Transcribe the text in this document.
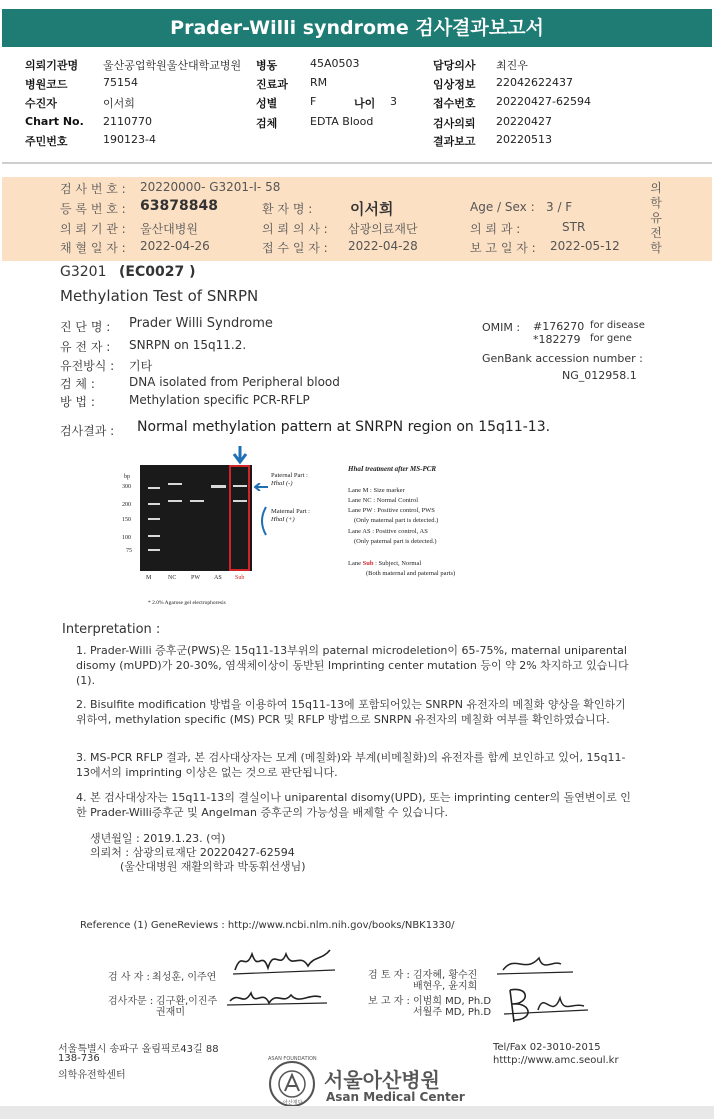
Prader-Willi syndrome 검사결과보고서
의뢰기관명 울산공업학원울산대학교병원
병원코드	75154
수진자	이서희
Chart No. 2110770
주민번호	190123-4
병동	45A0503
진료과 RM
성별	F	나이 3
검체	EDTA Blood
담당의사 최진우
임상정보 22042622437
접수번호 20220427-62594
검사의뢰 20220427
결과보고 20220513
검 사 번 호 : 20220000- G3201-I- 58
등 록 번 호 : 63878848	환 자 명 :	이서희	Age / Sex : 3 / F
의 뢰 기 관 : 울산대병원	의 뢰 의 사 : 삼광의료재단	의 뢰 과 :	STR
채 혈 일 자 : 2022-04-26	접 수 일 자 : 2022-04-28	보 고 일 자 : 2022-05-12
의학유전학
G3201 (EC0027 )
Methylation Test of SNRPN
진 단 명 : Prader Willi Syndrome
유 전 자 : SNRPN on 15q11.2.
유전방식 : 기타
검 체 :	DNA isolated from Peripheral blood
방 법 :	Methylation specific PCR-RFLP
OMIM : #176270 for disease
*182279 for gene
GenBank accession number :
NG_012958.1
검사결과 : Normal methylation pattern at SNRPN region on 15q11-13.
bp
300
200
150
100
75
M	NC PW AS Sub
Paternal Part :
HhaI (-)
Maternal Part :
HhaI (+)
HhaI treatment after MS-PCR
Lane M : Size marker
Lane NC : Normal Control
Lane PW : Positive control, PWS
(Only maternal part is detected.)
Lane AS : Positive control, AS
(Only paternal part is detected.)
Lane Sub : Subject, Normal
(Both maternal and paternal parts)
* 2.0% Agarose gel electrophoresis
Interpretation :
1. Prader-Willi 증후군(PWS)은 15q11-13부위의 paternal microdeletion이 65-75%, maternal uniparental disomy (mUPD)가 20-30%, 염색체이상이 동반된 Imprinting center mutation 등이 약 2% 차지하고 있습니다 (1).
2. Bisulfite modification 방법을 이용하여 15q11-13에 포함되어있는 SNRPN 유전자의 메칠화 양상을 확인하기 위하여, methylation specific (MS) PCR 및 RFLP 방법으로 SNRPN 유전자의 메칠화 여부를 확인하였습니다.
3. MS-PCR RFLP 결과, 본 검사대상자는 모계 (메칠화)와 부계(비메칠화)의 유전자를 함께 보인하고 있어, 15q11-13에서의 imprinting 이상은 없는 것으로 판단됩니다.
4. 본 검사대상자는 15q11-13의 결실이나 uniparental disomy(UPD), 또는 imprinting center의 돌연변이로 인한 Prader-Willi증후군 및 Angelman 증후군의 가능성을 배제할 수 있습니다.
생년월일 : 2019.1.23. (여)
의뢰처 : 삼광의료재단 20220427-62594
(울산대병원 재활의학과 박동휘선생님)
Reference (1) GeneReviews : http://www.ncbi.nlm.nih.gov/books/NBK1330/
검 사 자 : 최성훈, 이주연
검사자문 : 김구환,이진주
권재미
검 토 자 : 김자혜, 황수진
배현우, 윤지희
보 고 자 : 이범희 MD, Ph.D
서월주 MD, Ph.D
서울특별시 송파구 올림픽로43길 88
138-736
의학유전학센터
Tel/Fax 02-3010-2015
htttp://www.amc.seoul.kr
ASAN FOUNDATION
아산재단
서울아산병원
Asan Medical Center
